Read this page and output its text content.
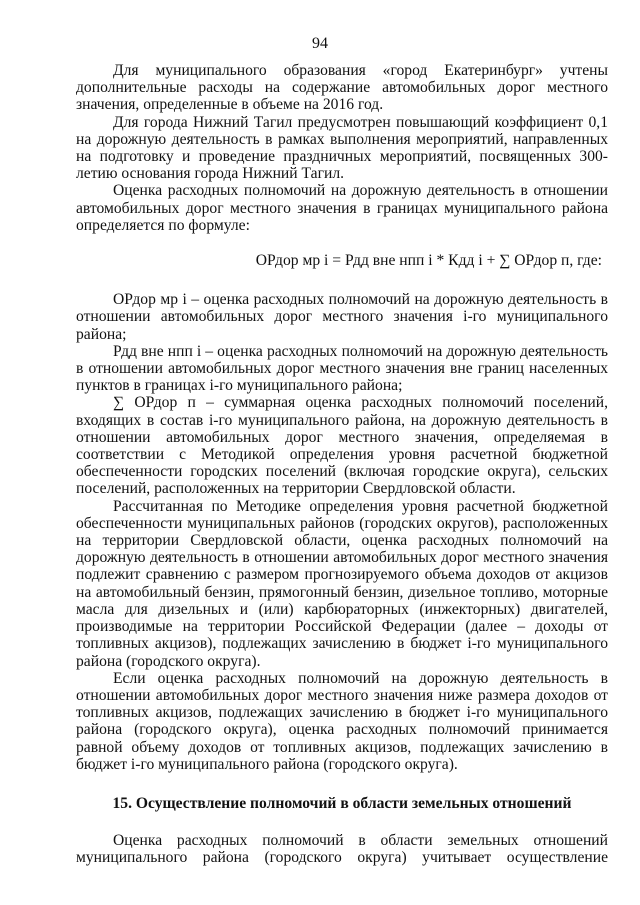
94

Для муниципального образования «город Екатеринбург» учтены дополнительные расходы на содержание автомобильных дорог местного значения, определенные в объеме на 2016 год.

Для города Нижний Тагил предусмотрен повышающий коэффициент 0,1 на дорожную деятельность в рамках выполнения мероприятий, направленных на подготовку и проведение праздничных мероприятий, посвященных 300-летию основания города Нижний Тагил.

Оценка расходных полномочий на дорожную деятельность в отношении автомобильных дорог местного значения в границах муниципального района определяется по формуле:

ОРдор мр i = Рдд вне нпп i * Кдд i + ∑ ОРдор п, где:

ОРдор мр i – оценка расходных полномочий на дорожную деятельность в отношении автомобильных дорог местного значения i-го муниципального района;

Рдд вне нпп i – оценка расходных полномочий на дорожную деятельность в отношении автомобильных дорог местного значения вне границ населенных пунктов в границах i-го муниципального района;

∑ ОРдор п – суммарная оценка расходных полномочий поселений, входящих в состав i-го муниципального района, на дорожную деятельность в отношении автомобильных дорог местного значения, определяемая в соответствии с Методикой определения уровня расчетной бюджетной обеспеченности городских поселений (включая городские округа), сельских поселений, расположенных на территории Свердловской области.

Рассчитанная по Методике определения уровня расчетной бюджетной обеспеченности муниципальных районов (городских округов), расположенных на территории Свердловской области, оценка расходных полномочий на дорожную деятельность в отношении автомобильных дорог местного значения подлежит сравнению с размером прогнозируемого объема доходов от акцизов на автомобильный бензин, прямогонный бензин, дизельное топливо, моторные масла для дизельных и (или) карбюраторных (инжекторных) двигателей, производимые на территории Российской Федерации (далее – доходы от топливных акцизов), подлежащих зачислению в бюджет i-го муниципального района (городского округа).

Если оценка расходных полномочий на дорожную деятельность в отношении автомобильных дорог местного значения ниже размера доходов от топливных акцизов, подлежащих зачислению в бюджет i-го муниципального района (городского округа), оценка расходных полномочий принимается равной объему доходов от топливных акцизов, подлежащих зачислению в бюджет i-го муниципального района (городского округа).

15. Осуществление полномочий в области земельных отношений

Оценка расходных полномочий в области земельных отношений муниципального района (городского округа) учитывает осуществление
